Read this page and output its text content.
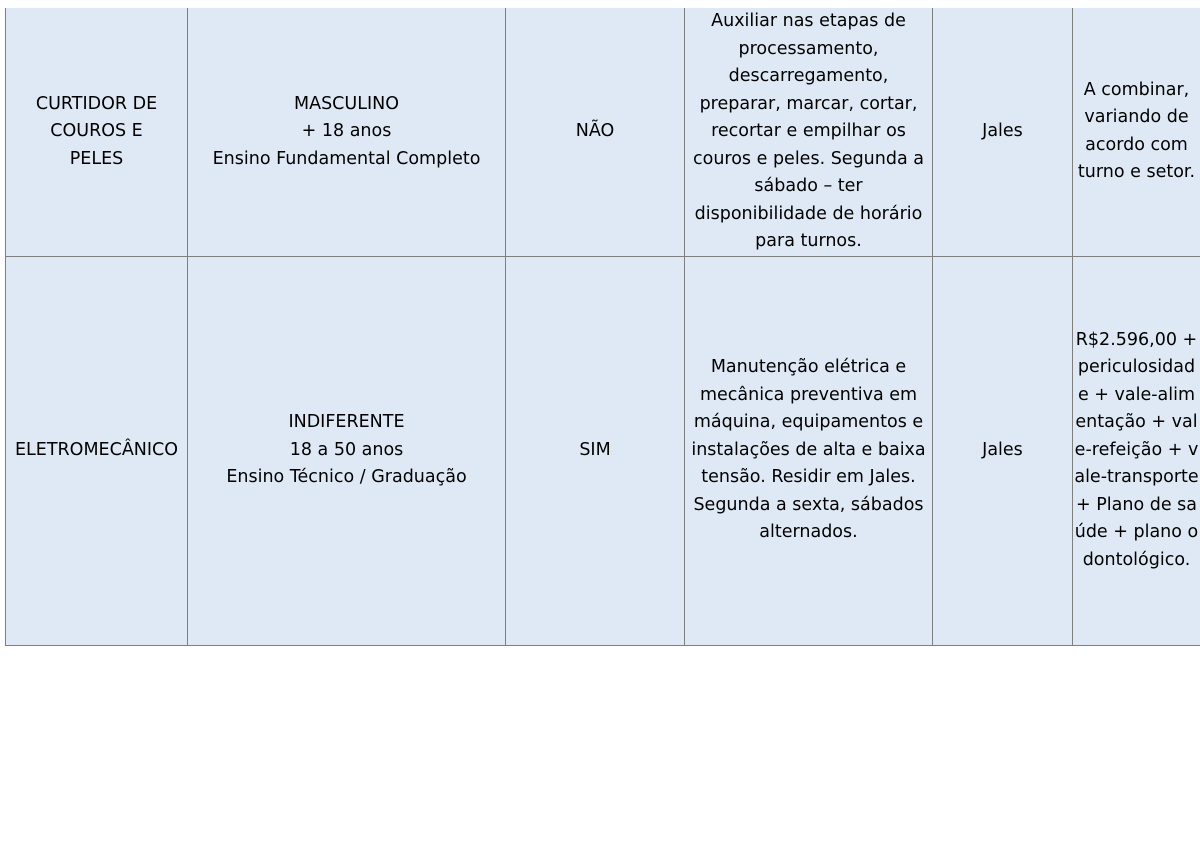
CURTIDOR DE COUROS E PELES	MASCULINO
+ 18 anos
Ensino Fundamental Completo	NÃO	Auxiliar nas etapas de processamento, descarregamento, preparar, marcar, cortar, recortar e empilhar os couros e peles. Segunda a sábado – ter disponibilidade de horário para turnos.	Jales	A combinar, variando de acordo com turno e setor.

ELETROMECÂNICO	INDIFERENTE
18 a 50 anos
Ensino Técnico / Graduação	SIM	Manutenção elétrica e mecânica preventiva em máquina, equipamentos e instalações de alta e baixa tensão. Residir em Jales. Segunda a sexta, sábados alternados.	Jales	R$2.596,00 + periculosidade + vale-alimentação + vale-refeição + vale-transporte + Plano de saúde + plano odontológico.
